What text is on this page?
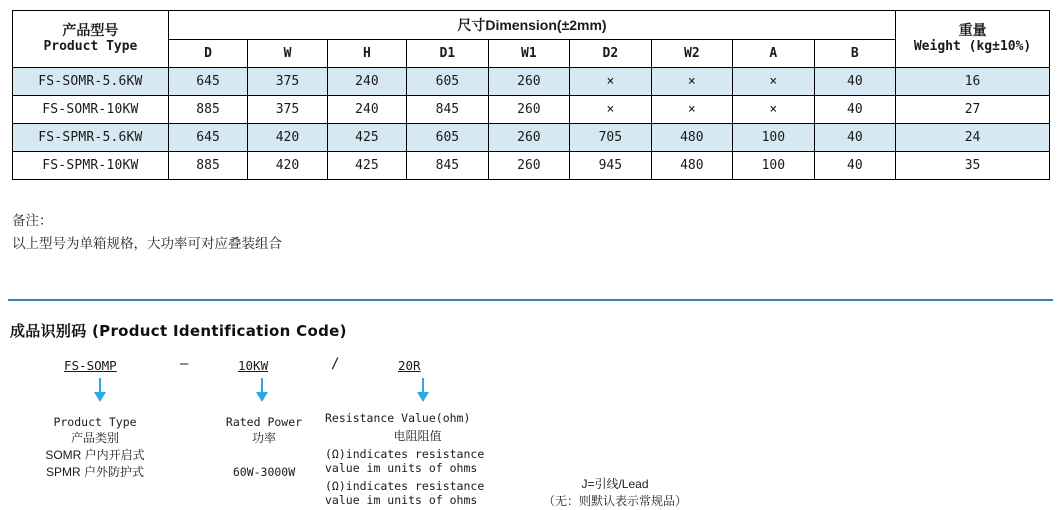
产品型号
Product Type	尺寸Dimension(±2mm)									重量
Weight (kg±10%)

	D	W	H	D1	W1	D2	W2	A	B	
FS-SOMR-5.6KW	645	375	240	605	260	×	×	×	40	16
FS-SOMR-10KW	885	375	240	845	260	×	×	×	40	27
FS-SPMR-5.6KW	645	420	425	605	260	705	480	100	40	24
FS-SPMR-10KW	885	420	425	845	260	945	480	100	40	35
备注：
以上型号为单箱规格，大功率可对应叠装组合
成品识别码 (Product Identification Code)
FS-SOMP	—	10KW	/	20R
Product Type
产品类别
SOMR 户内开启式
SPMR 户外防护式
Rated Power
功率
60W-3000W
Resistance Value(ohm)
电阻阻值
(Ω)indicates resistance
value im units of ohms
(Ω)indicates resistance
value im units of ohms
J=引线/Lead
（无：则默认表示常规品）
